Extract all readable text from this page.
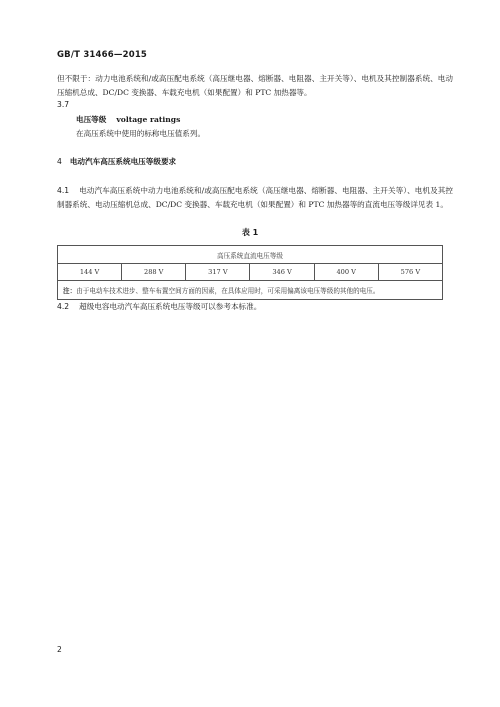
GB/T 31466—2015
但不限于：动力电池系统和/或高压配电系统（高压继电器、熔断器、电阻器、主开关等）、电机及其控制器系统、电动压缩机总成、DC/DC 变换器、车载充电机（如果配置）和 PTC 加热器等。
3.7
电压等级 voltage ratings
在高压系统中使用的标称电压值系列。
4 电动汽车高压系统电压等级要求
4.1 电动汽车高压系统中动力电池系统和/或高压配电系统（高压继电器、熔断器、电阻器、主开关等）、电机及其控制器系统、电动压缩机总成、DC/DC 变换器、车载充电机（如果配置）和 PTC 加热器等的直流电压等级详见表 1。
表 1
高压系统直流电压等级
144 V	288 V	317 V	346 V	400 V	576 V
注：由于电动车技术进步、整车布置空间方面的因素，在具体应用时，可采用偏离该电压等级的其他的电压。
4.2 超级电容电动汽车高压系统电压等级可以参考本标准。
2
